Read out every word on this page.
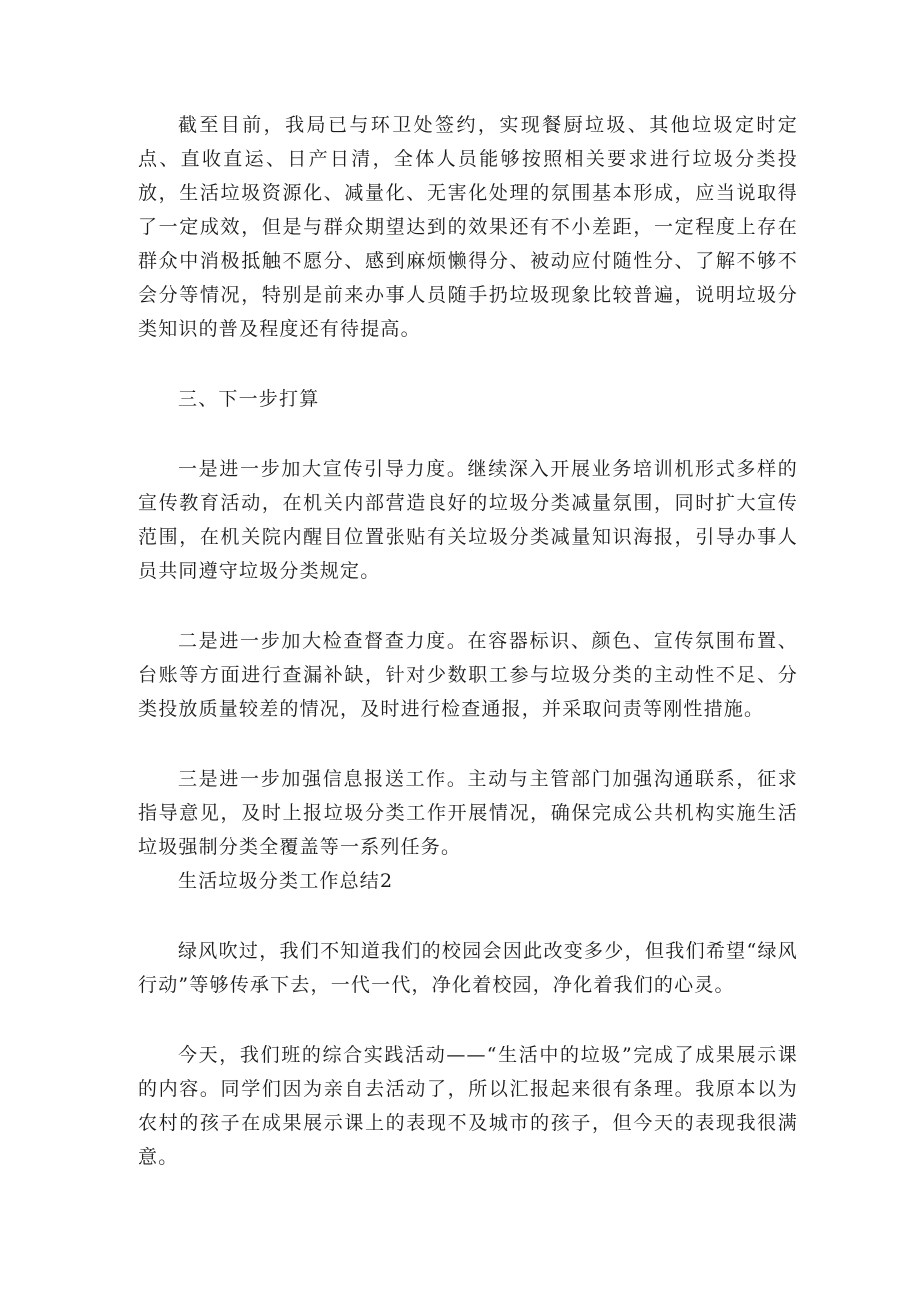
截至目前，我局已与环卫处签约，实现餐厨垃圾、其他垃圾定时定点、直收直运、日产日清，全体人员能够按照相关要求进行垃圾分类投放，生活垃圾资源化、减量化、无害化处理的氛围基本形成，应当说取得了一定成效，但是与群众期望达到的效果还有不小差距，一定程度上存在群众中消极抵触不愿分、感到麻烦懒得分、被动应付随性分、了解不够不会分等情况，特别是前来办事人员随手扔垃圾现象比较普遍，说明垃圾分类知识的普及程度还有待提高。

三、下一步打算

一是进一步加大宣传引导力度。继续深入开展业务培训机形式多样的宣传教育活动，在机关内部营造良好的垃圾分类减量氛围，同时扩大宣传范围，在机关院内醒目位置张贴有关垃圾分类减量知识海报，引导办事人员共同遵守垃圾分类规定。

二是进一步加大检查督查力度。在容器标识、颜色、宣传氛围布置、台账等方面进行查漏补缺，针对少数职工参与垃圾分类的主动性不足、分类投放质量较差的情况，及时进行检查通报，并采取问责等刚性措施。

三是进一步加强信息报送工作。主动与主管部门加强沟通联系，征求指导意见，及时上报垃圾分类工作开展情况，确保完成公共机构实施生活垃圾强制分类全覆盖等一系列任务。

生活垃圾分类工作总结2

绿风吹过，我们不知道我们的校园会因此改变多少，但我们希望“绿风行动”等够传承下去，一代一代，净化着校园，净化着我们的心灵。

今天，我们班的综合实践活动——“生活中的垃圾”完成了成果展示课的内容。同学们因为亲自去活动了，所以汇报起来很有条理。我原本以为农村的孩子在成果展示课上的表现不及城市的孩子，但今天的表现我很满意。
